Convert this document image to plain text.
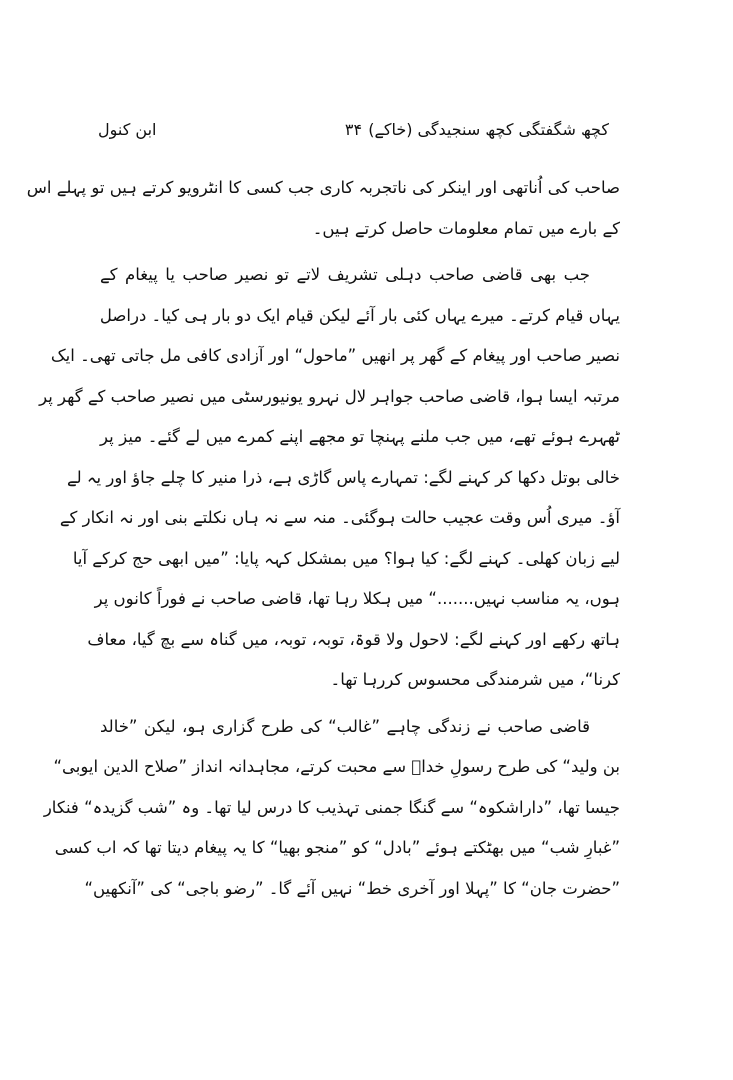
ابن کنول	۳۴ کچھ شگفتگی کچھ سنجیدگی (خاکے)
صاحب کی اُناتھی اور اینکر کی ناتجربہ کاری جب کسی کا انٹرویو کرتے ہیں تو پہلے اس
کے بارے میں تمام معلومات حاصل کرتے ہیں۔
جب بھی قاضی صاحب دہلی تشریف لاتے تو نصیر صاحب یا پیغام کے
یہاں قیام کرتے۔ میرے یہاں کئی بار آئے لیکن قیام ایک دو بار ہی کیا۔ دراصل
نصیر صاحب اور پیغام کے گھر پر انھیں ”ماحول“ اور آزادی کافی مل جاتی تھی۔ ایک
مرتبہ ایسا ہوا، قاضی صاحب جواہر لال نہرو یونیورسٹی میں نصیر صاحب کے گھر پر
ٹھہرے ہوئے تھے، میں جب ملنے پہنچا تو مجھے اپنے کمرے میں لے گئے۔ میز پر
خالی بوتل دکھا کر کہنے لگے: تمہارے پاس گاڑی ہے، ذرا منیر کا چلے جاؤ اور یہ لے
آؤ۔ میری اُس وقت عجیب حالت ہوگئی۔ منہ سے نہ ہاں نکلتے بنی اور نہ انکار کے
لیے زبان کھلی۔ کہنے لگے: کیا ہوا؟ میں بمشکل کہہ پایا: ”میں ابھی حج کرکے آیا
ہوں، یہ مناسب نہیں.......“ میں ہکلا رہا تھا، قاضی صاحب نے فوراً کانوں پر
ہاتھ رکھے اور کہنے لگے: لاحول ولا قوۃ، توبہ، توبہ، میں گناہ سے بچ گیا، معاف
کرنا“، میں شرمندگی محسوس کررہا تھا۔
قاضی صاحب نے زندگی چاہے ”غالب“ کی طرح گزاری ہو، لیکن ”خالد
بن ولید“ کی طرح رسولِ خداؐ سے محبت کرتے، مجاہدانہ انداز ”صلاح الدین ایوبی“
جیسا تھا، ”داراشکوہ“ سے گنگا جمنی تہذیب کا درس لیا تھا۔ وہ ”شب گزیدہ“ فنکار
”غبارِ شب“ میں بھٹکتے ہوئے ”بادل“ کو ”منجو بھیا“ کا یہ پیغام دیتا تھا کہ اب کسی
”حضرت جان“ کا ”پہلا اور آخری خط“ نہیں آئے گا۔ ”رضو باجی“ کی ”آنکھیں“
